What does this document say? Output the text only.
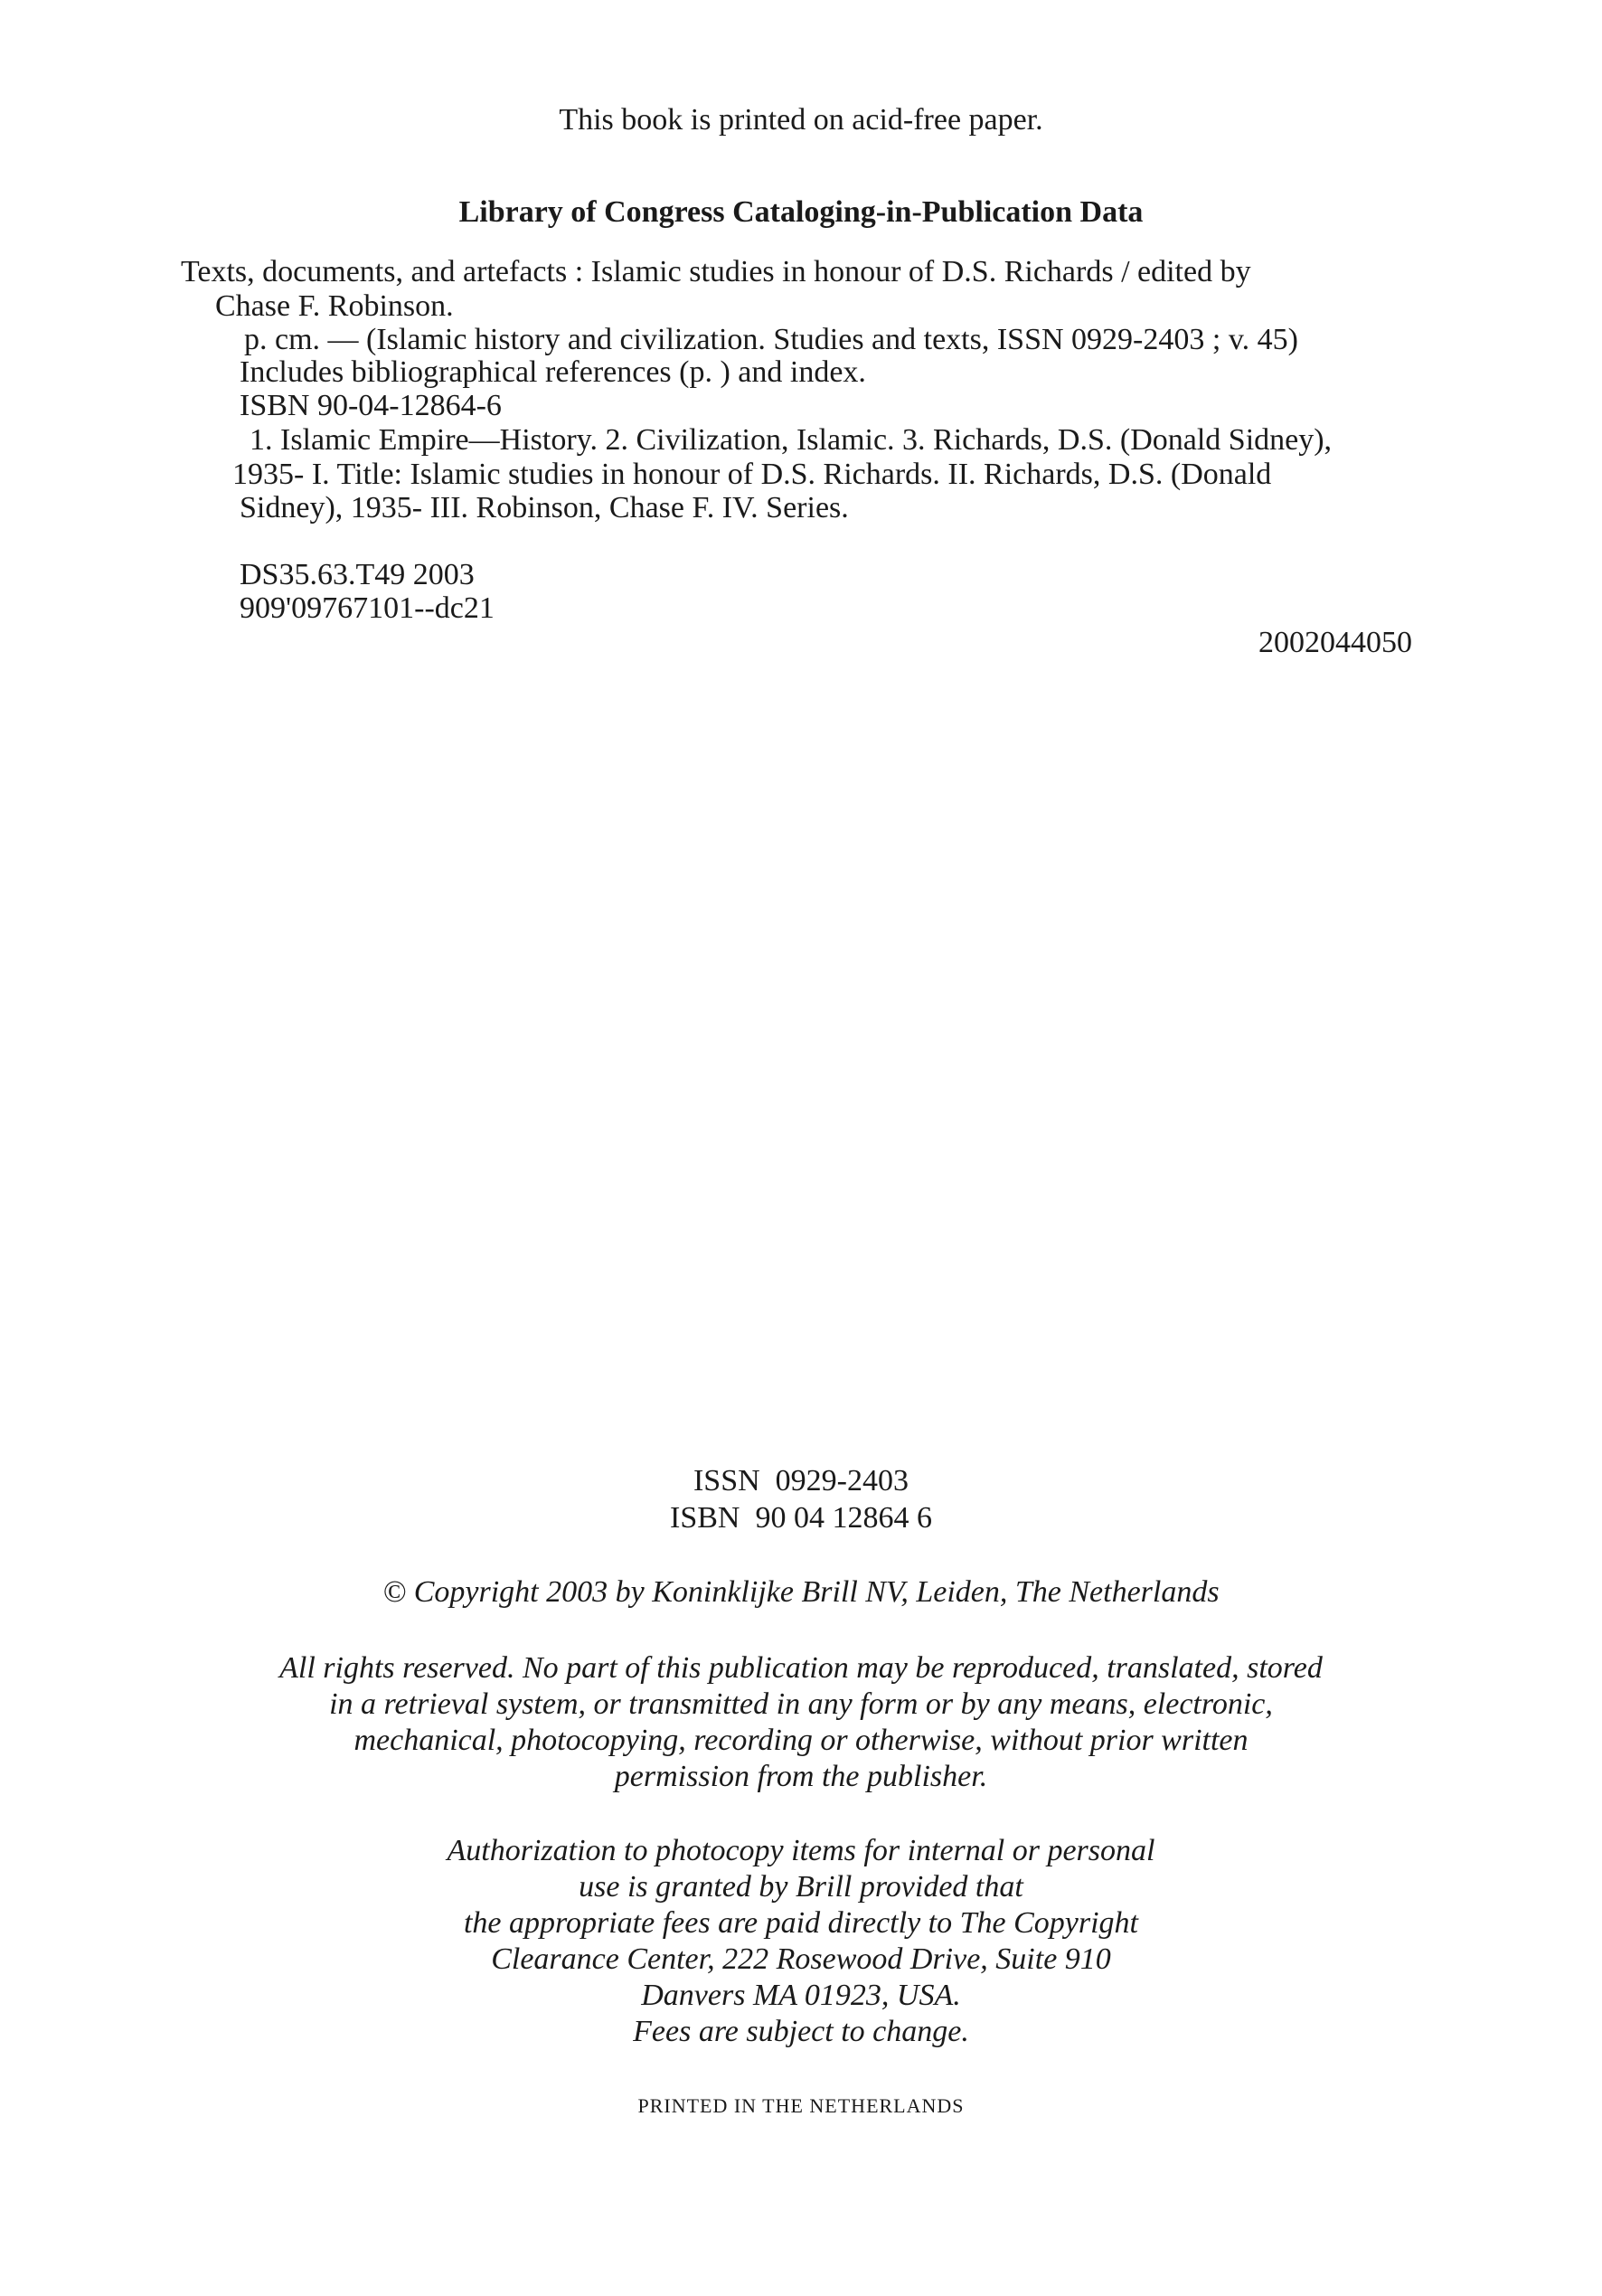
This book is printed on acid-free paper.
Library of Congress Cataloging-in-Publication Data
Texts, documents, and artefacts : Islamic studies in honour of D.S. Richards / edited by
Chase F. Robinson.
p. cm. — (Islamic history and civilization. Studies and texts, ISSN 0929-2403 ; v. 45)
Includes bibliographical references (p. ) and index.
ISBN 90-04-12864-6
1. Islamic Empire—History. 2. Civilization, Islamic. 3. Richards, D.S. (Donald Sidney),
1935- I. Title: Islamic studies in honour of D.S. Richards. II. Richards, D.S. (Donald
Sidney), 1935- III. Robinson, Chase F. IV. Series.
DS35.63.T49 2003
909'09767101--dc21
2002044050
ISSN  0929-2403
ISBN  90 04 12864 6
© Copyright 2003 by Koninklijke Brill NV, Leiden, The Netherlands
All rights reserved. No part of this publication may be reproduced, translated, stored
in a retrieval system, or transmitted in any form or by any means, electronic,
mechanical, photocopying, recording or otherwise, without prior written
permission from the publisher.
Authorization to photocopy items for internal or personal
use is granted by Brill provided that
the appropriate fees are paid directly to The Copyright
Clearance Center, 222 Rosewood Drive, Suite 910
Danvers MA 01923, USA.
Fees are subject to change.
PRINTED IN THE NETHERLANDS
